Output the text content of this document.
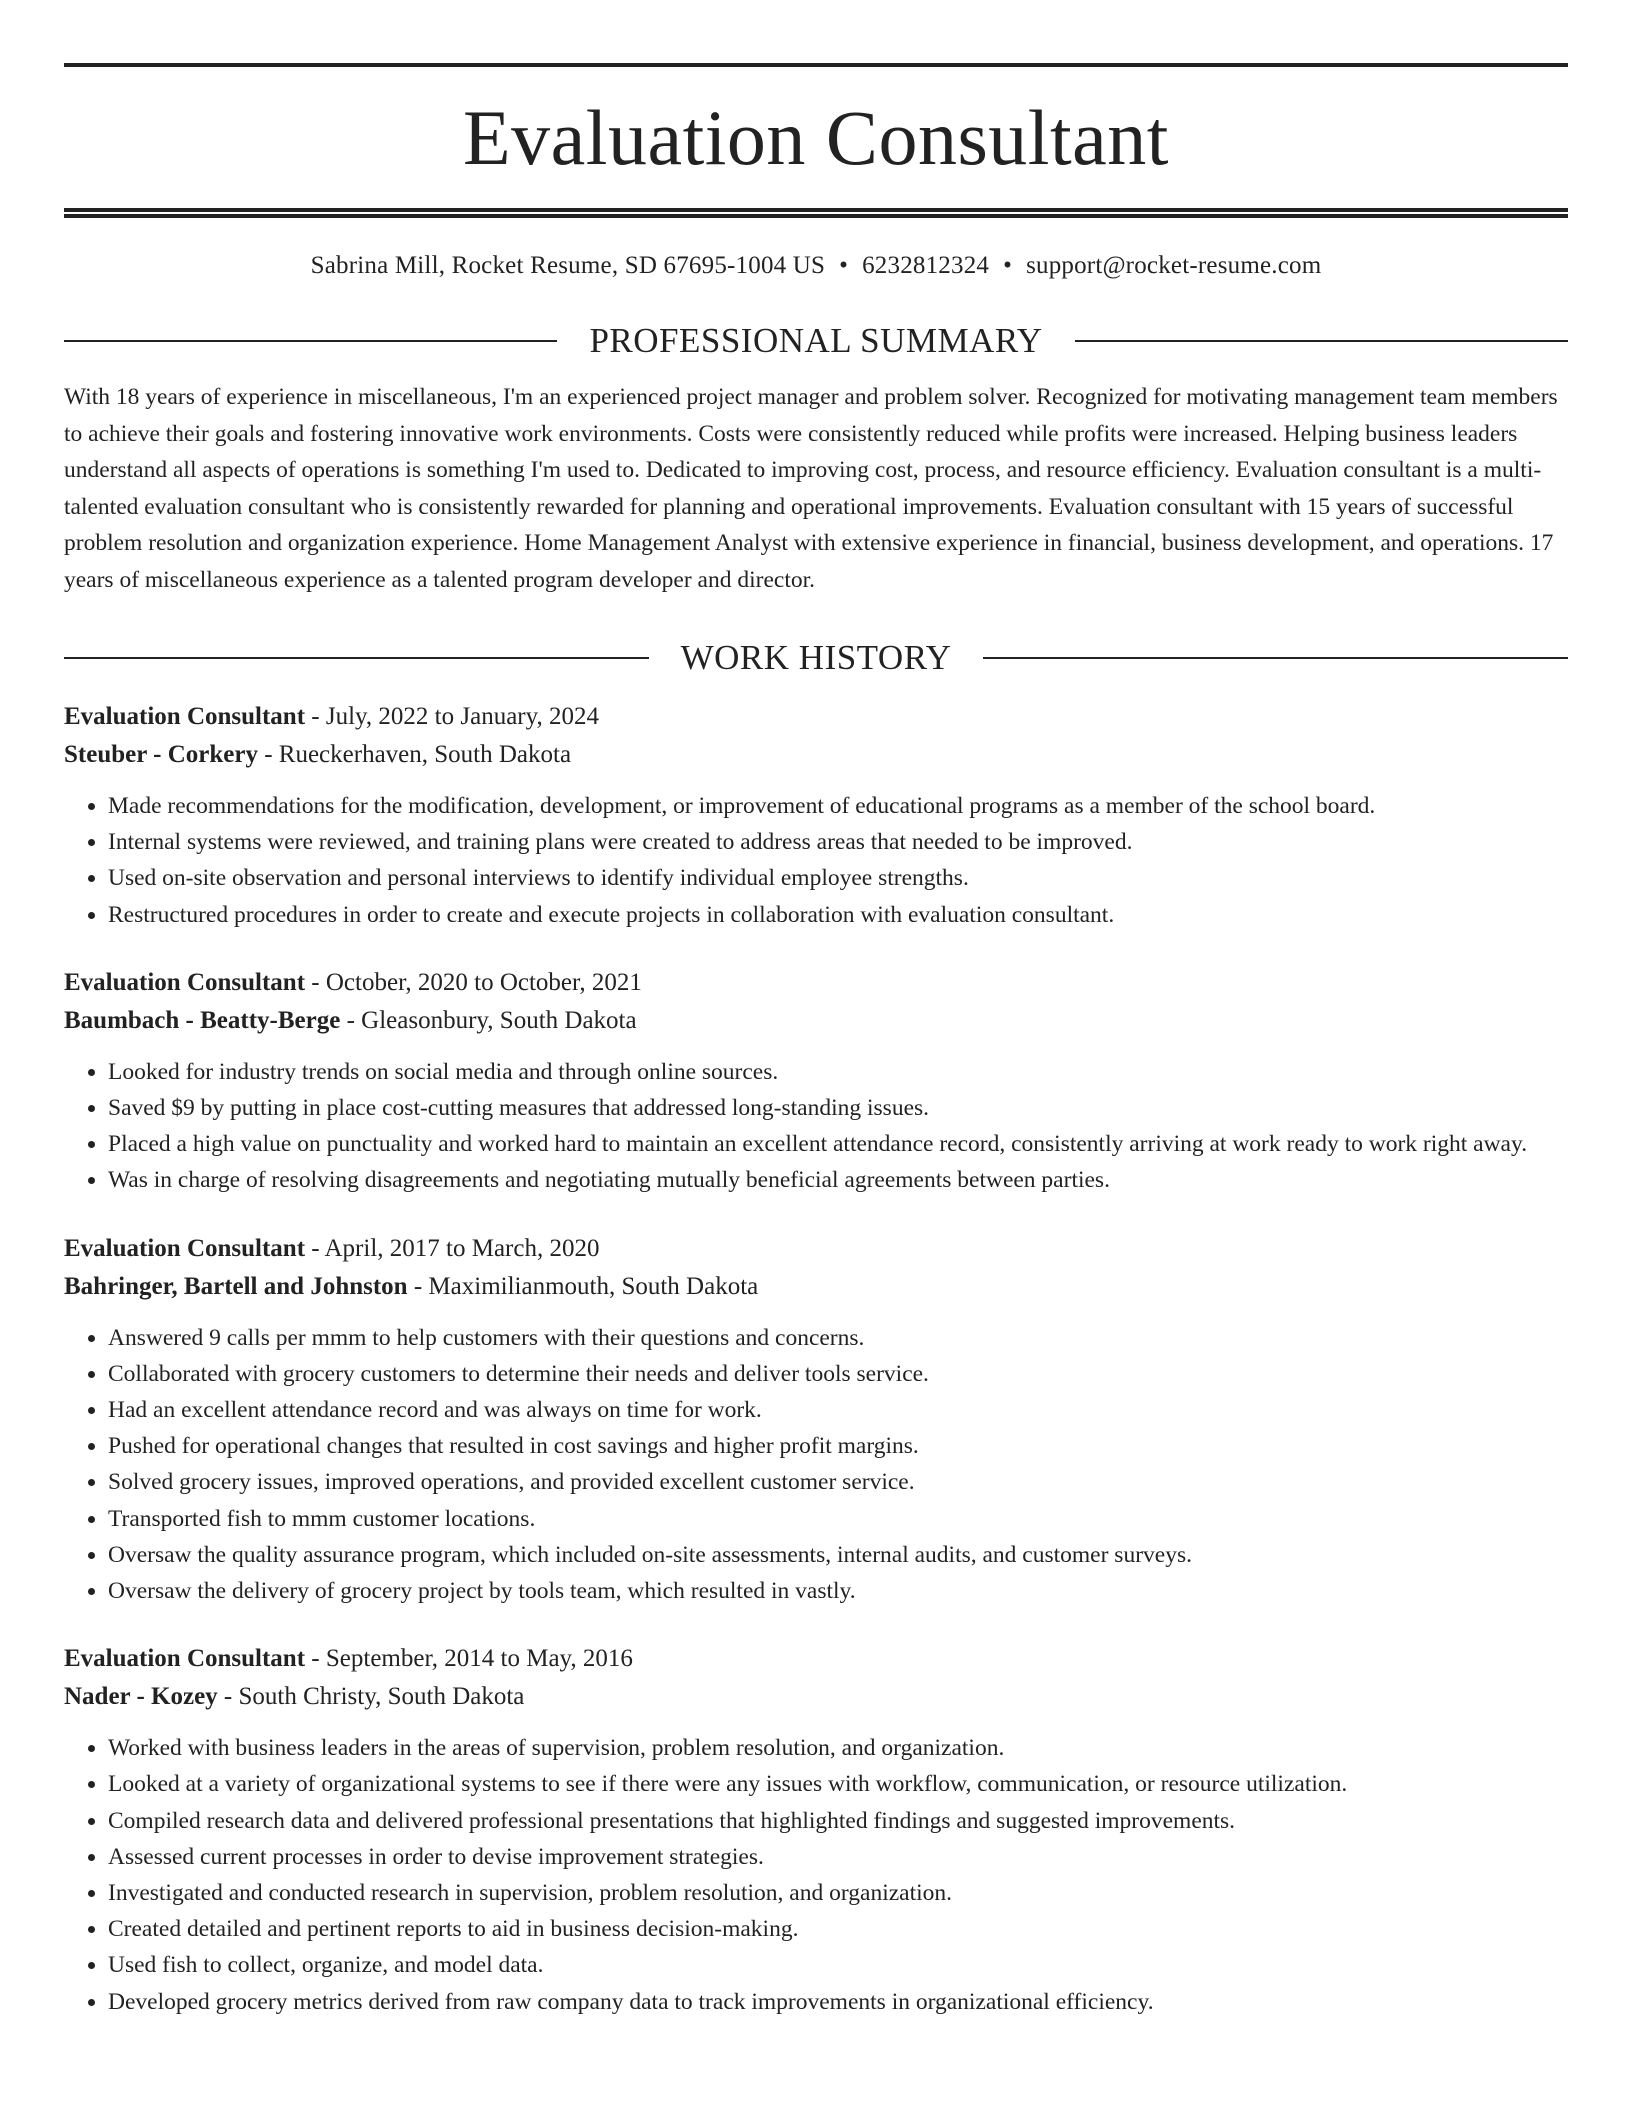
Evaluation Consultant
Sabrina Mill, Rocket Resume, SD 67695-1004 US • 6232812324 • support@rocket-resume.com
PROFESSIONAL SUMMARY

With 18 years of experience in miscellaneous, I'm an experienced project manager and problem solver. Recognized for motivating management team members to achieve their goals and fostering innovative work environments. Costs were consistently reduced while profits were increased. Helping business leaders understand all aspects of operations is something I'm used to. Dedicated to improving cost, process, and resource efficiency. Evaluation consultant is a multi-talented evaluation consultant who is consistently rewarded for planning and operational improvements. Evaluation consultant with 15 years of successful problem resolution and organization experience. Home Management Analyst with extensive experience in financial, business development, and operations. 17 years of miscellaneous experience as a talented program developer and director.

WORK HISTORY
Evaluation Consultant - July, 2022 to January, 2024
Steuber - Corkery - Rueckerhaven, South Dakota
• Made recommendations for the modification, development, or improvement of educational programs as a member of the school board.
• Internal systems were reviewed, and training plans were created to address areas that needed to be improved.
• Used on-site observation and personal interviews to identify individual employee strengths.
• Restructured procedures in order to create and execute projects in collaboration with evaluation consultant.
Evaluation Consultant - October, 2020 to October, 2021
Baumbach - Beatty-Berge - Gleasonbury, South Dakota
• Looked for industry trends on social media and through online sources.
• Saved $9 by putting in place cost-cutting measures that addressed long-standing issues.
• Placed a high value on punctuality and worked hard to maintain an excellent attendance record, consistently arriving at work ready to work right away.
• Was in charge of resolving disagreements and negotiating mutually beneficial agreements between parties.
Evaluation Consultant - April, 2017 to March, 2020
Bahringer, Bartell and Johnston - Maximilianmouth, South Dakota
• Answered 9 calls per mmm to help customers with their questions and concerns.
• Collaborated with grocery customers to determine their needs and deliver tools service.
• Had an excellent attendance record and was always on time for work.
• Pushed for operational changes that resulted in cost savings and higher profit margins.
• Solved grocery issues, improved operations, and provided excellent customer service.
• Transported fish to mmm customer locations.
• Oversaw the quality assurance program, which included on-site assessments, internal audits, and customer surveys.
• Oversaw the delivery of grocery project by tools team, which resulted in vastly.
Evaluation Consultant - September, 2014 to May, 2016
Nader - Kozey - South Christy, South Dakota
• Worked with business leaders in the areas of supervision, problem resolution, and organization.
• Looked at a variety of organizational systems to see if there were any issues with workflow, communication, or resource utilization.
• Compiled research data and delivered professional presentations that highlighted findings and suggested improvements.
• Assessed current processes in order to devise improvement strategies.
• Investigated and conducted research in supervision, problem resolution, and organization.
• Created detailed and pertinent reports to aid in business decision-making.
• Used fish to collect, organize, and model data.
• Developed grocery metrics derived from raw company data to track improvements in organizational efficiency.
